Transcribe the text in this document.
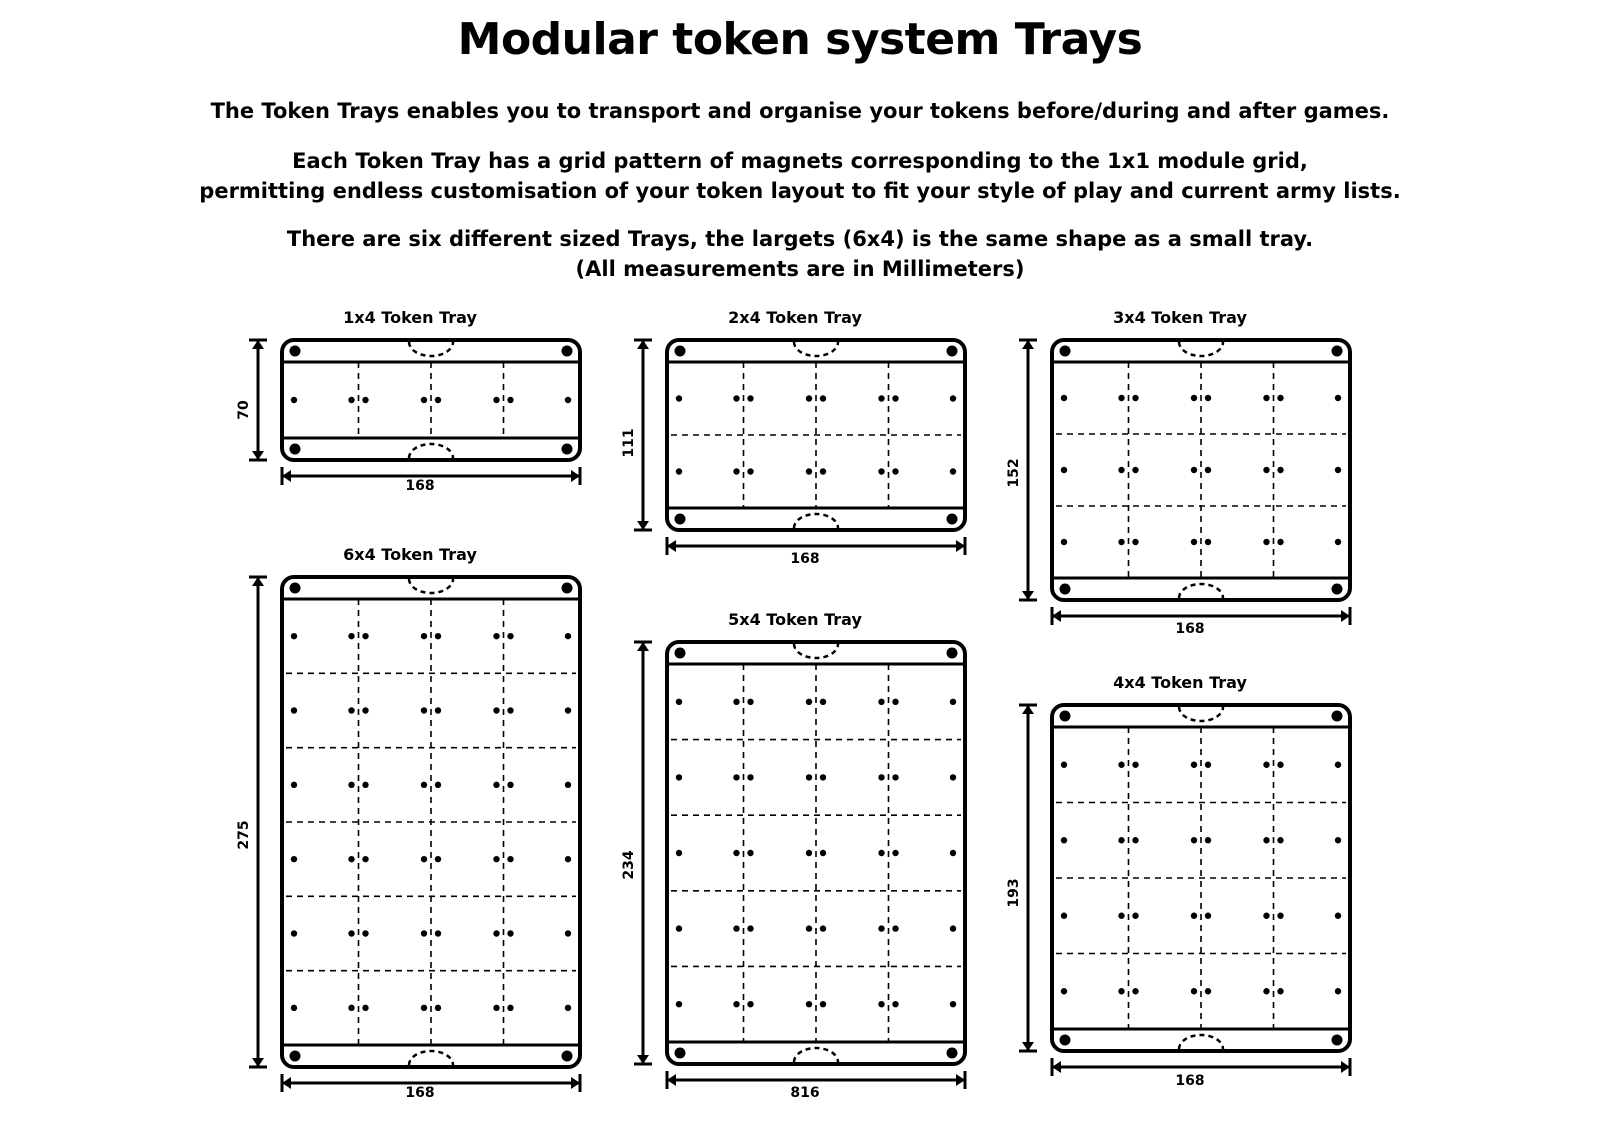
Modular token system Trays
The Token Trays enables you to transport and organise your tokens before/during and after games.
Each Token Tray has a grid pattern of magnets corresponding to the 1x1 module grid,
permitting endless customisation of your token layout to fit your style of play and current army lists.
There are six different sized Trays, the largets (6x4) is the same shape as a small tray.
(All measurements are in Millimeters)
1x4 Token Tray
70
168
2x4 Token Tray
111
168
3x4 Token Tray
152
168
6x4 Token Tray
275
168
5x4 Token Tray
234
816
4x4 Token Tray
193
168
